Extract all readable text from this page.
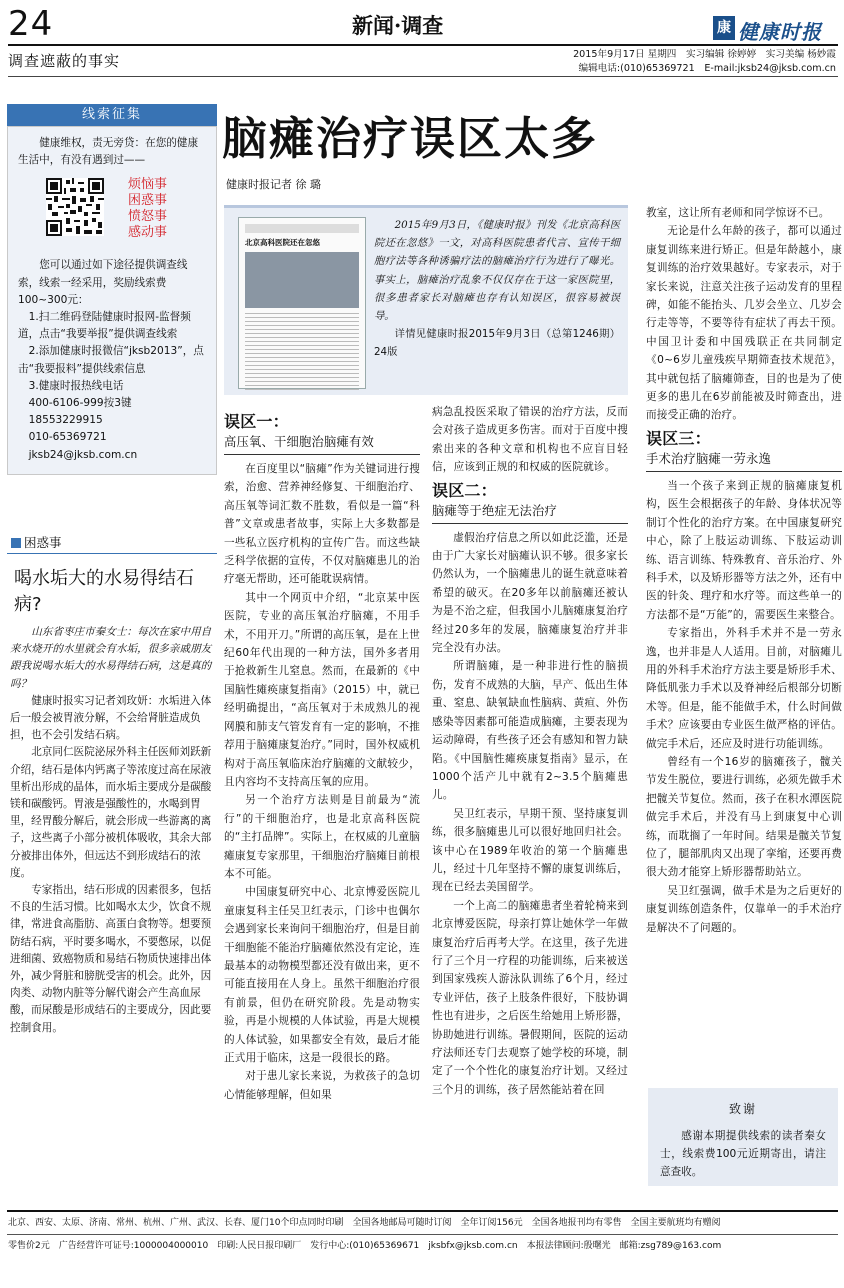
24	新闻·调查	康 健康时报
调查遮蔽的事实	2015年9月17日 星期四　实习编辑 徐婷婷　实习美编 杨妙霞
编辑电话:(010)65369721　E-mail:jksb24@jksb.com.cn
线索征集

健康维权，责无旁贷：在您的健康生活中，有没有遇到过——

烦恼事
困惑事
愤怒事
感动事

您可以通过如下途径提供调查线索，线索一经采用，奖励线索费100~300元：

1.扫二维码登陆健康时报网-监督频道，点击“我要举报”提供调查线索

2.添加健康时报微信“jksb2013”，点击“我要报料”提供线索信息

3.健康时报热线电话

400-6106-999按3键
18553229915
010-65369721
jksb24@jksb.com.cn
困惑事
喝水垢大的水易得结石病?

山东省枣庄市秦女士：每次在家中用自来水烧开的水里就会有水垢，很多亲戚朋友跟我说喝水垢大的水易得结石病，这是真的吗？

健康时报实习记者刘玫妍：水垢进入体后一般会被胃液分解，不会给肾脏造成负担，也不会引发结石病。

北京同仁医院泌尿外科主任医师刘跃新介绍，结石是体内钙离子等浓度过高在尿液里析出形成的晶体，而水垢主要成分是碳酸镁和碳酸钙。胃液是强酸性的，水喝到胃里，经胃酸分解后，就会形成一些游离的离子，这些离子小部分被机体吸收，其余大部分被排出体外，但远达不到形成结石的浓度。

专家指出，结石形成的因素很多，包括不良的生活习惯。比如喝水太少，饮食不规律，常进食高脂肪、高蛋白食物等。想要预防结石病，平时要多喝水，不要憋尿，以促进细菌、致癌物质和易结石物质快速排出体外，减少肾脏和膀胱受害的机会。此外，因肉类、动物内脏等分解代谢会产生高血尿酸，而尿酸是形成结石的主要成分，因此要控制食用。

脑瘫治疗误区太多
健康时报记者 徐 璐
北京高科医院还在忽悠

2015年9月3日，《健康时报》刊发《北京高科医院还在忽悠》一文，对高科医院患者代言、宣传干细胞疗法等各种诱骗疗法的脑瘫治疗行为进行了曝光。事实上，脑瘫治疗乱象不仅仅存在于这一家医院里，很多患者家长对脑瘫也存有认知误区，很容易被误导。

详情见健康时报2015年9月3日（总第1246期）24版

误区一：
高压氧、干细胞治脑瘫有效

在百度里以“脑瘫”作为关键词进行搜索，治愈、营养神经修复、干细胞治疗、高压氧等词汇数不胜数，看似是一篇“科普”文章或患者故事，实际上大多数都是一些私立医疗机构的宣传广告。而这些缺乏科学依据的宣传，不仅对脑瘫患儿的治疗毫无帮助，还可能耽误病情。

其中一个网页中介绍，“北京某中医医院，专业的高压氧治疗脑瘫，不用手术，不用开刀。”所谓的高压氧，是在上世纪60年代出现的一种方法，国外多者用于抢救新生儿窒息。然而，在最新的《中国脑性瘫痪康复指南》（2015）中，就已经明确提出，“高压氧对于未成熟儿的视网膜和肺支气管发育有一定的影响，不推荐用于脑瘫康复治疗。”同时，国外权威机构对于高压氧临床治疗脑瘫的文献较少，且内容均不支持高压氧的应用。

另一个治疗方法则是目前最为“流行”的干细胞治疗，也是北京高科医院的“主打品牌”。实际上，在权威的儿童脑瘫康复专家那里，干细胞治疗脑瘫目前根本不可能。

中国康复研究中心、北京博爱医院儿童康复科主任吴卫红表示，门诊中也偶尔会遇到家长来询问干细胞治疗，但是目前干细胞能不能治疗脑瘫依然没有定论，连最基本的动物模型都还没有做出来，更不可能直接用在人身上。虽然干细胞治疗很有前景，但仍在研究阶段。先是动物实验，再是小规模的人体试验，再是大规模的人体试验，如果都安全有效，最后才能正式用于临床，这是一段很长的路。

对于患儿家长来说，为救孩子的急切心情能够理解，但如果

病急乱投医采取了错误的治疗方法，反而会对孩子造成更多伤害。而对于百度中搜索出来的各种文章和机构也不应盲目轻信，应该到正规的和权威的医院就诊。

误区二：
脑瘫等于绝症无法治疗

虚假治疗信息之所以如此泛滥，还是由于广大家长对脑瘫认识不够。很多家长仍然认为，一个脑瘫患儿的诞生就意味着希望的破灭。在20多年以前脑瘫还被认为是不治之症，但我国小儿脑瘫康复治疗经过20多年的发展，脑瘫康复治疗并非完全没有办法。

所谓脑瘫，是一种非进行性的脑损伤，发育不成熟的大脑，早产、低出生体重、窒息、缺氧缺血性脑病、黄疸、外伤感染等因素都可能造成脑瘫，主要表现为运动障碍，有些孩子还会有感知和智力缺陷。《中国脑性瘫痪康复指南》显示，在1000个活产儿中就有2~3.5个脑瘫患儿。

吴卫红表示，早期干预、坚持康复训练，很多脑瘫患儿可以很好地回归社会。该中心在1989年收治的第一个脑瘫患儿，经过十几年坚持不懈的康复训练后，现在已经去美国留学。

一个上高二的脑瘫患者坐着轮椅来到北京博爱医院，母亲打算让她休学一年做康复治疗后再考大学。在这里，孩子先进行了三个月一疗程的功能训练，后来被送到国家残疾人游泳队训练了6个月，经过专业评估，孩子上肢条件很好，下肢协调性也有进步，之后医生给她用上矫形器，协助她进行训练。暑假期间，医院的运动疗法师还专门去观察了她学校的环境，制定了一个个性化的康复治疗计划。又经过三个月的训练，孩子居然能站着在回

教室，这让所有老师和同学惊讶不已。

无论是什么年龄的孩子，都可以通过康复训练来进行矫正。但是年龄越小，康复训练的治疗效果越好。专家表示，对于家长来说，注意关注孩子运动发育的里程碑，如能不能抬头、几岁会坐立、几岁会行走等等，不要等待有症状了再去干预。中国卫计委和中国残联正在共同制定《0~6岁儿童残疾早期筛查技术规范》，其中就包括了脑瘫筛查，目的也是为了使更多的患儿在6岁前能被及时筛查出，进而接受正确的治疗。

误区三：
手术治疗脑瘫一劳永逸

当一个孩子来到正规的脑瘫康复机构，医生会根据孩子的年龄、身体状况等制订个性化的治疗方案。在中国康复研究中心，除了上肢运动训练、下肢运动训练、语言训练、特殊教育、音乐治疗、外科手术，以及矫形器等方法之外，还有中医的针灸、理疗和水疗等。而这些单一的方法都不是“万能”的，需要医生来整合。

专家指出，外科手术并不是一劳永逸，也并非是人人适用。目前，对脑瘫儿用的外科手术治疗方法主要是矫形手术、降低肌张力手术以及脊神经后根部分切断术等。但是，能不能做手术，什么时间做手术？应该要由专业医生做严格的评估。做完手术后，还应及时进行功能训练。

曾经有一个16岁的脑瘫孩子，髋关节发生脱位，要进行训练，必须先做手术把髋关节复位。然而，孩子在积水潭医院做完手术后，并没有马上到康复中心训练，而耽搁了一年时间。结果是髋关节复位了，腿部肌肉又出现了挛缩，还要再费很大劲才能穿上矫形器帮助站立。

吴卫红强调，做手术是为之后更好的康复训练创造条件，仅靠单一的手术治疗是解决不了问题的。

致谢
感谢本期提供线索的读者秦女士，线索费100元近期寄出，请注意查收。
北京、西安、太原、济南、常州、杭州、广州、武汉、长春、厦门10个印点同时印刷　全国各地邮局可随时订阅　全年订阅156元　全国各地报刊均有零售　全国主要航班均有赠阅
零售价2元　广告经营许可证号:1000004000010　印刷:人民日报印刷厂　发行中心:(010)65369671　jksbfx@jksb.com.cn　本报法律顾问:殷曙光　邮箱:zsg789@163.com
